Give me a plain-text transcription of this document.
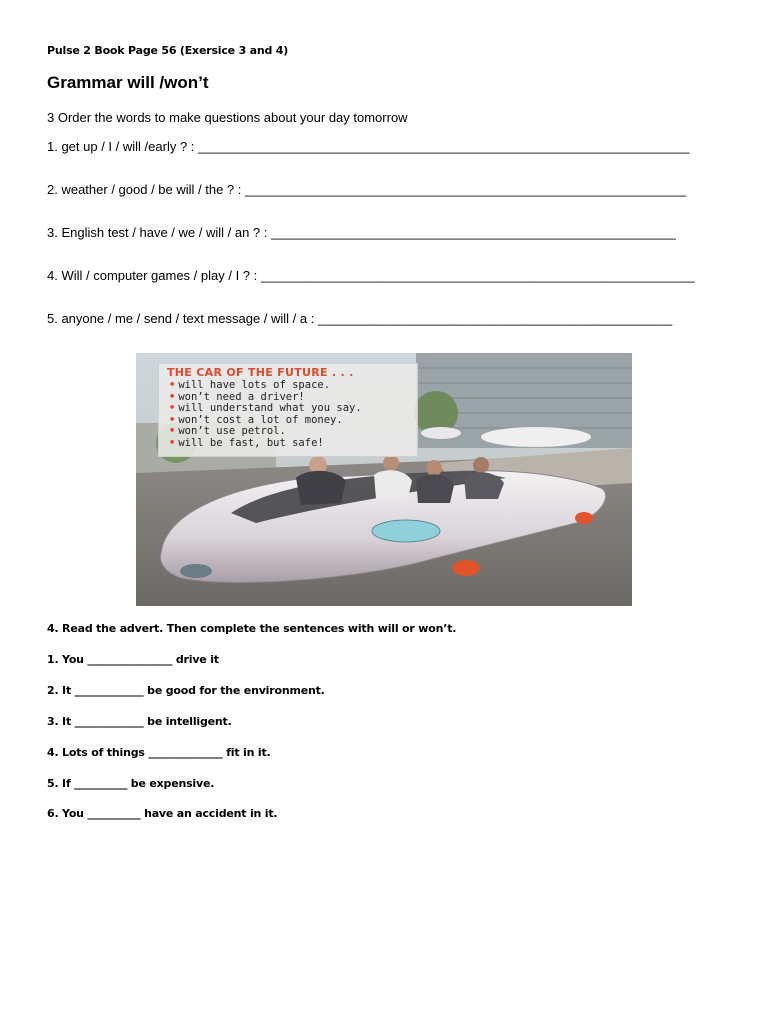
Pulse 2 Book Page 56 (Exersice 3 and 4)
Grammar will /won’t
3 Order the words to make questions about your day tomorrow
1. get up / I / will /early ? : ____________________________________________________________________
2. weather / good / be will / the ? : _____________________________________________________________
3. English test / have / we / will / an ? : ________________________________________________________
4. Will / computer games / play / I ? : ____________________________________________________________
5. anyone / me / send / text message / will / a : _________________________________________________
THE CAR OF THE FUTURE . . .
• will have lots of space.
• won’t need a driver!
• will understand what you say.
• won’t cost a lot of money.
• won’t use petrol.
• will be fast, but safe!
4. Read the advert. Then complete the sentences with will or won’t.
1. You ________________ drive it
2. It _____________ be good for the environment.
3. It _____________ be intelligent.
4. Lots of things ______________ fit in it.
5. If __________ be expensive.
6. You __________ have an accident in it.
